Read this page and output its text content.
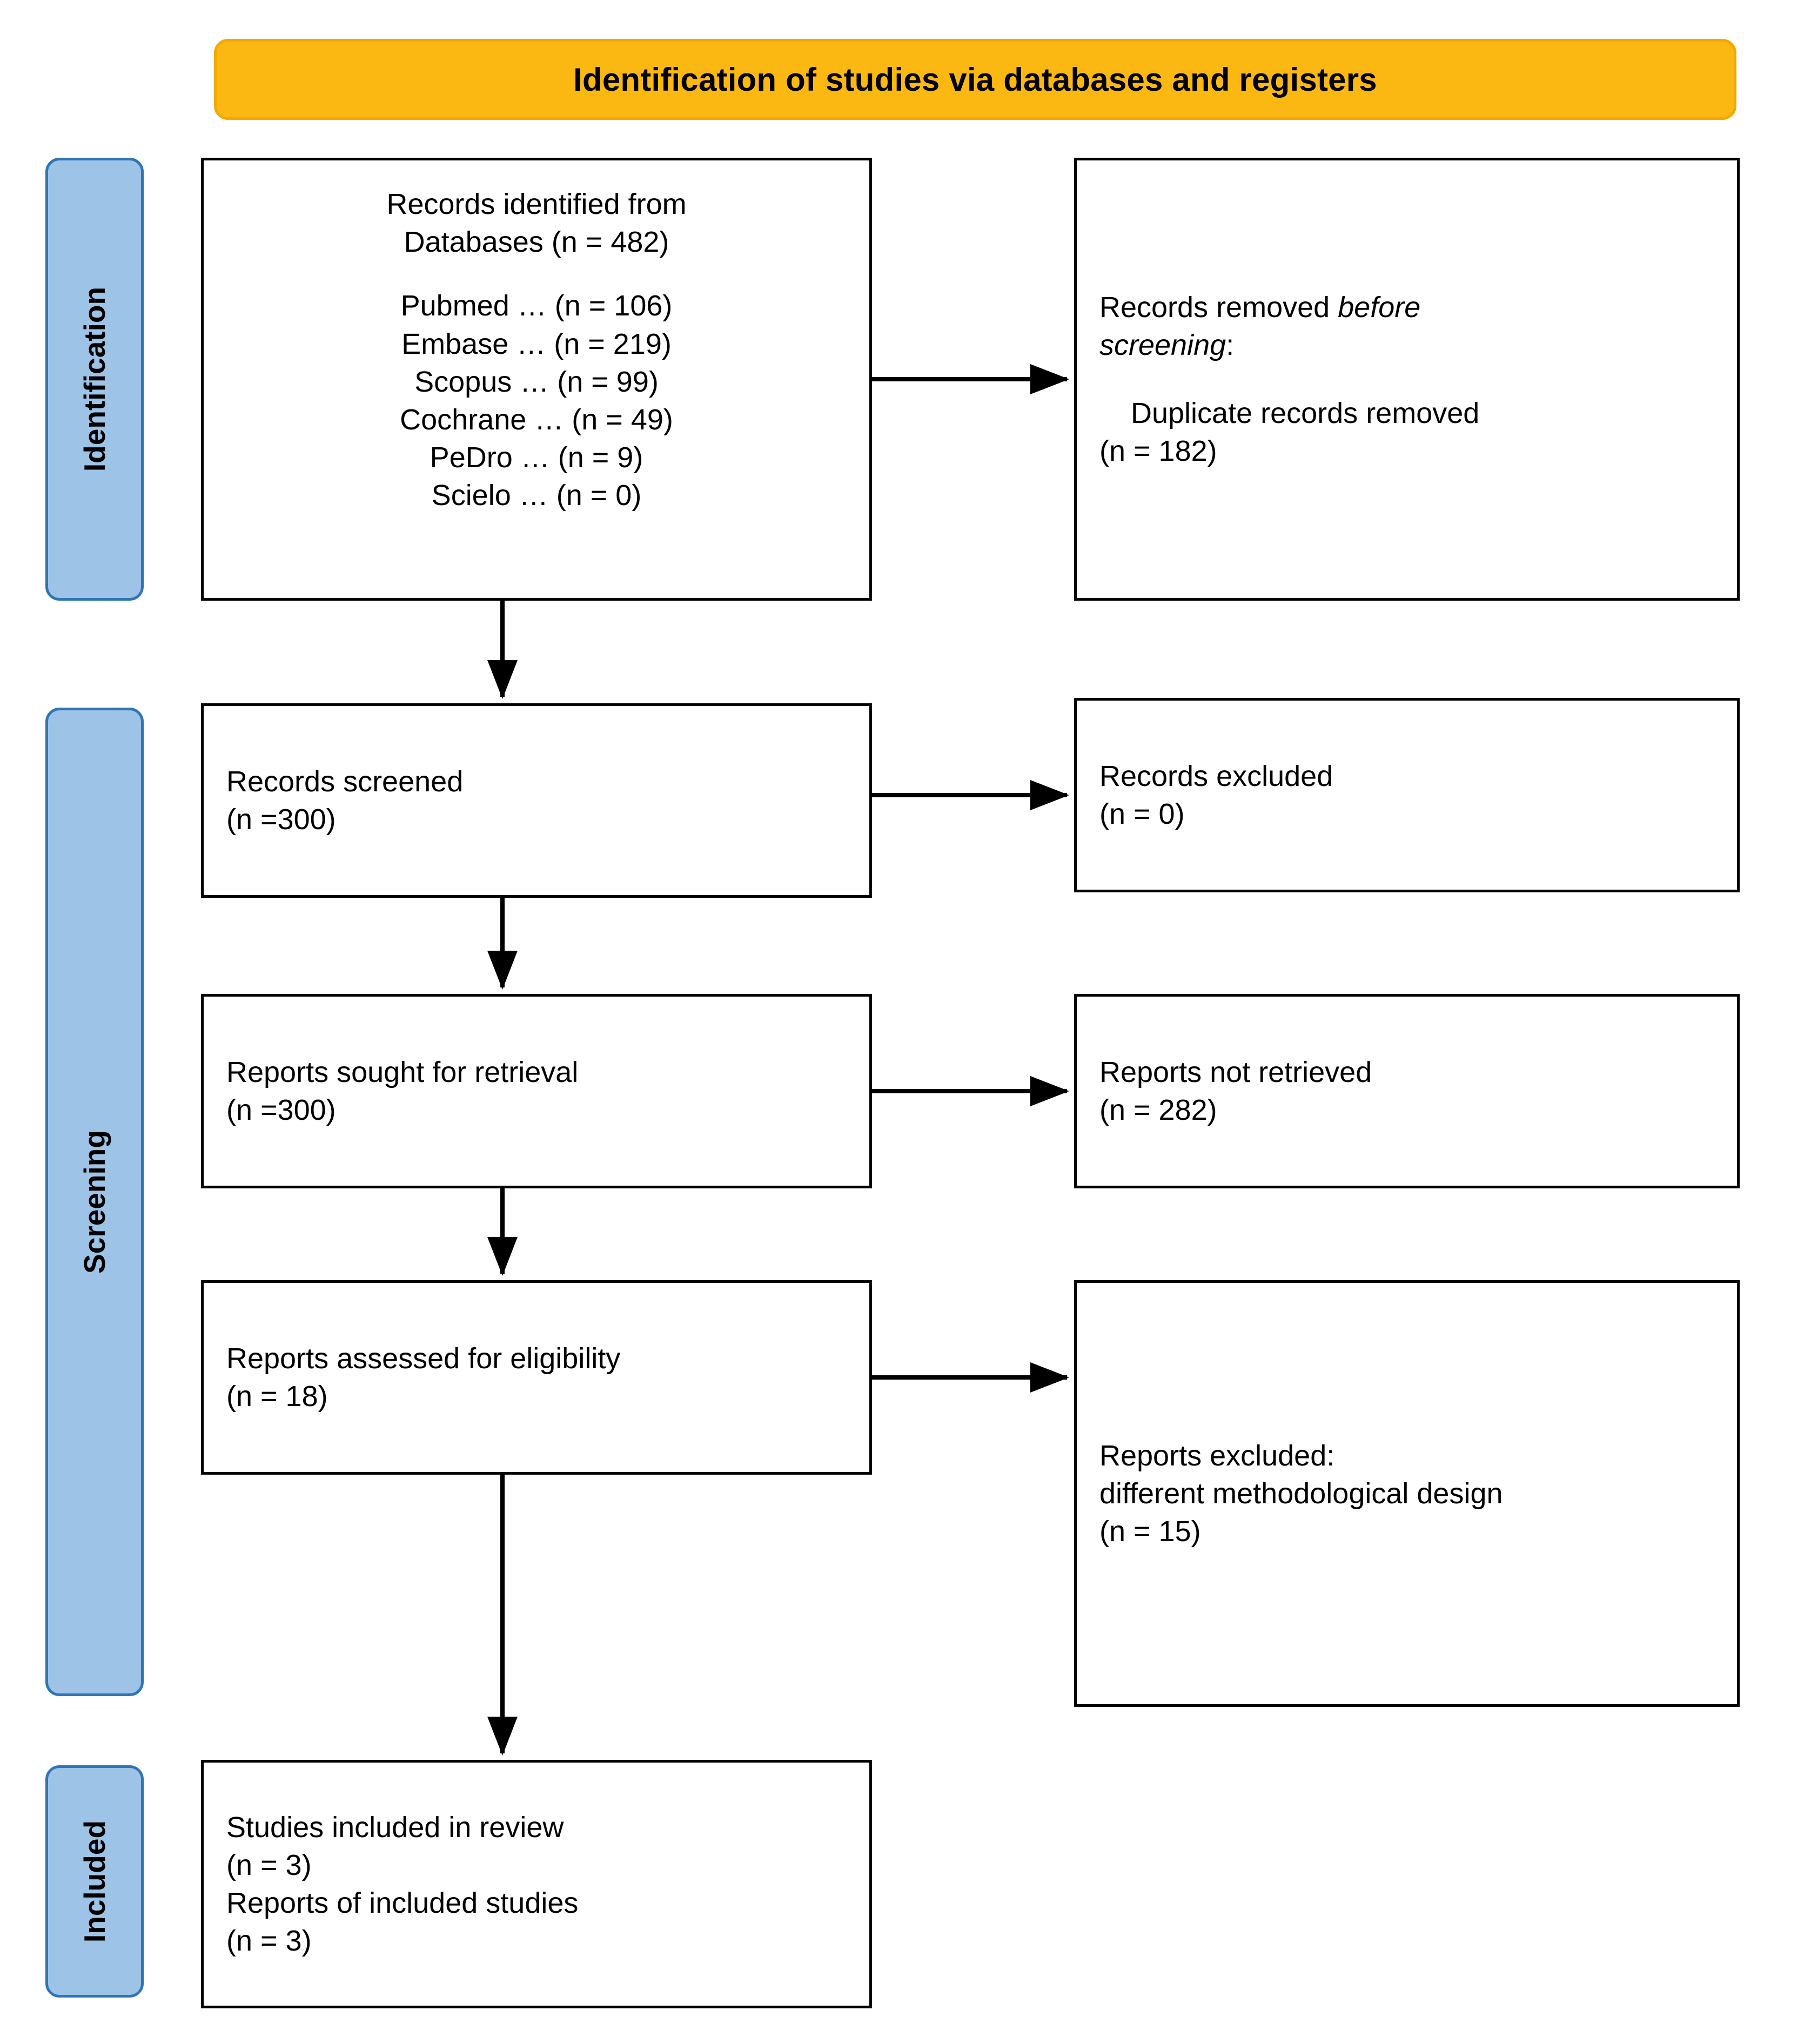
Identification of studies via databases and registers
Identification
Screening
Included
Records identified from
Databases (n = 482)
Pubmed … (n = 106)
Embase … (n = 219)
Scopus … (n = 99)
Cochrane … (n = 49)
PeDro … (n = 9)
Scielo … (n = 0)
Records removed before
screening:
Duplicate records removed
(n = 182)
Records screened
(n =300)
Records excluded
(n = 0)
Reports sought for retrieval
(n =300)
Reports not retrieved
(n = 282)
Reports assessed for eligibility
(n = 18)
Reports excluded:
different methodological design
(n = 15)
Studies included in review
(n = 3)
Reports of included studies
(n = 3)
